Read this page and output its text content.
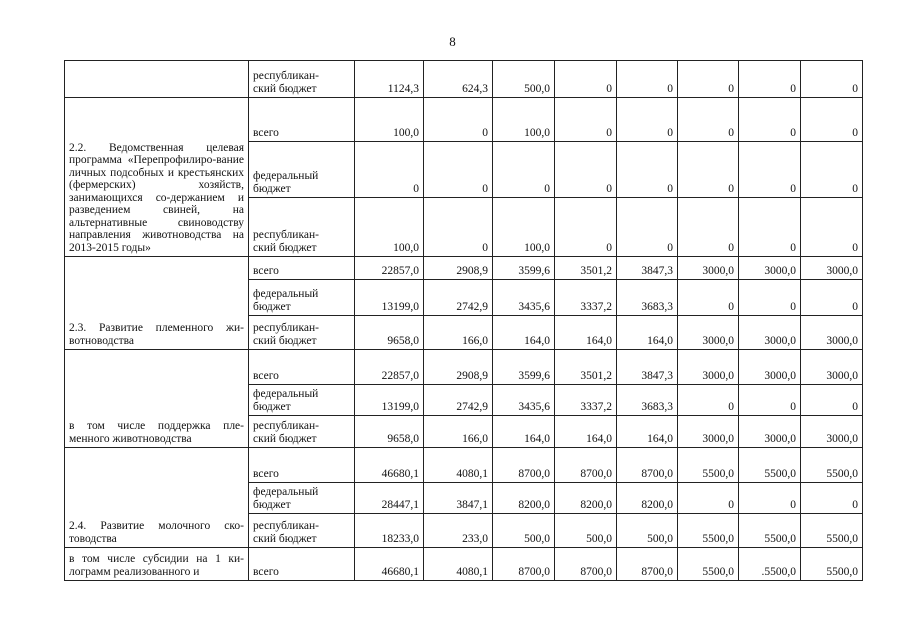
8
	республикан-
ский бюджет	1124,3	624,3	500,0	0	0	0	0	0
2.2. Ведомственная целевая программа «Перепрофилиро-вание личных подсобных и крестьянских (фермерских) хозяйств, занимающихся со-держанием и разведением свиней, на альтернативные свиноводству направления животноводства на 2013-2015 годы»	всего	100,0	0	100,0	0	0	0	0	0
	федеральный
бюджет	0	0	0	0	0	0	0	0
	республикан-
ский бюджет	100,0	0	100,0	0	0	0	0	0
2.3. Развитие племенного жи-вотноводства	всего	22857,0	2908,9	3599,6	3501,2	3847,3	3000,0	3000,0	3000,0
	федеральный
бюджет	13199,0	2742,9	3435,6	3337,2	3683,3	0	0	0
	республикан-
ский бюджет	9658,0	166,0	164,0	164,0	164,0	3000,0	3000,0	3000,0
в том числе поддержка пле-менного животноводства	всего	22857,0	2908,9	3599,6	3501,2	3847,3	3000,0	3000,0	3000,0
	федеральный
бюджет	13199,0	2742,9	3435,6	3337,2	3683,3	0	0	0
	республикан-
ский бюджет	9658,0	166,0	164,0	164,0	164,0	3000,0	3000,0	3000,0
2.4. Развитие молочного ско-товодства	всего	46680,1	4080,1	8700,0	8700,0	8700,0	5500,0	5500,0	5500,0
	федеральный
бюджет	28447,1	3847,1	8200,0	8200,0	8200,0	0	0	0
	республикан-
ский бюджет	18233,0	233,0	500,0	500,0	500,0	5500,0	5500,0	5500,0
в том числе субсидии на 1 ки-лограмм реализованного и	всего	46680,1	4080,1	8700,0	8700,0	8700,0	5500,0	.5500,0	5500,0
